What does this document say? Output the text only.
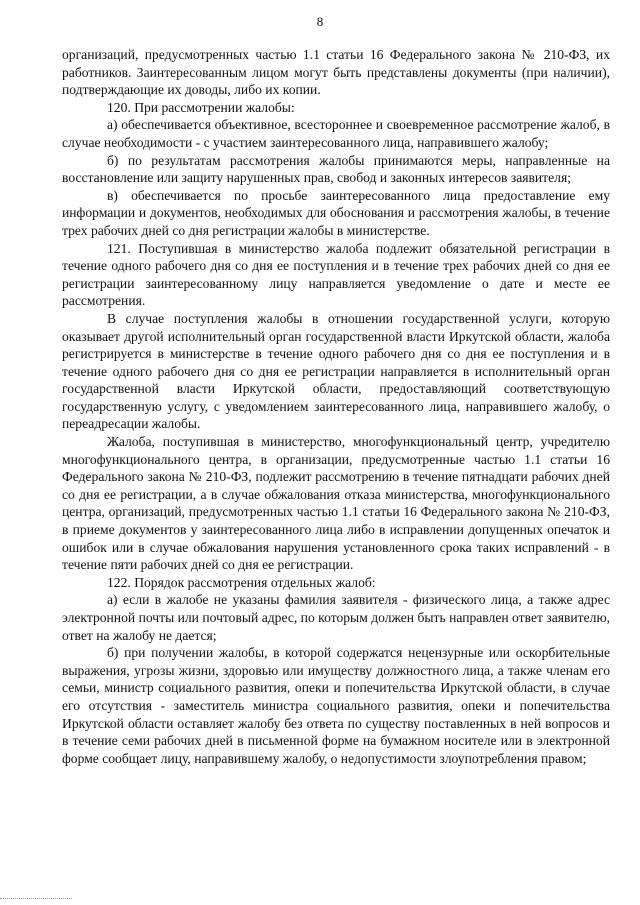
8

организаций, предусмотренных частью 1.1 статьи 16 Федерального закона № 210-ФЗ, их работников. Заинтересованным лицом могут быть представлены документы (при наличии), подтверждающие их доводы, либо их копии.

120. При рассмотрении жалобы:

а) обеспечивается объективное, всестороннее и своевременное рассмотрение жалоб, в случае необходимости - с участием заинтересованного лица, направившего жалобу;

б) по результатам рассмотрения жалобы принимаются меры, направленные на восстановление или защиту нарушенных прав, свобод и законных интересов заявителя;

в) обеспечивается по просьбе заинтересованного лица предоставление ему информации и документов, необходимых для обоснования и рассмотрения жалобы, в течение трех рабочих дней со дня регистрации жалобы в министерстве.

121. Поступившая в министерство жалоба подлежит обязательной регистрации в течение одного рабочего дня со дня ее поступления и в течение трех рабочих дней со дня ее регистрации заинтересованному лицу направляется уведомление о дате и месте ее рассмотрения.

В случае поступления жалобы в отношении государственной услуги, которую оказывает другой исполнительный орган государственной власти Иркутской области, жалоба регистрируется в министерстве в течение одного рабочего дня со дня ее поступления и в течение одного рабочего дня со дня ее регистрации направляется в исполнительный орган государственной власти Иркутской области, предоставляющий соответствующую государственную услугу, с уведомлением заинтересованного лица, направившего жалобу, о переадресации жалобы.

Жалоба, поступившая в министерство, многофункциональный центр, учредителю многофункционального центра, в организации, предусмотренные частью 1.1 статьи 16 Федерального закона № 210-ФЗ, подлежит рассмотрению в течение пятнадцати рабочих дней со дня ее регистрации, а в случае обжалования отказа министерства, многофункционального центра, организаций, предусмотренных частью 1.1 статьи 16 Федерального закона № 210-ФЗ, в приеме документов у заинтересованного лица либо в исправлении допущенных опечаток и ошибок или в случае обжалования нарушения установленного срока таких исправлений - в течение пяти рабочих дней со дня ее регистрации.

122. Порядок рассмотрения отдельных жалоб:

а) если в жалобе не указаны фамилия заявителя - физического лица, а также адрес электронной почты или почтовый адрес, по которым должен быть направлен ответ заявителю, ответ на жалобу не дается;

б) при получении жалобы, в которой содержатся нецензурные или оскорбительные выражения, угрозы жизни, здоровью или имуществу должностного лица, а также членам его семьи, министр социального развития, опеки и попечительства Иркутской области, в случае его отсутствия - заместитель министра социального развития, опеки и попечительства Иркутской области оставляет жалобу без ответа по существу поставленных в ней вопросов и в течение семи рабочих дней в письменной форме на бумажном носителе или в электронной форме сообщает лицу, направившему жалобу, о недопустимости злоупотребления правом;
